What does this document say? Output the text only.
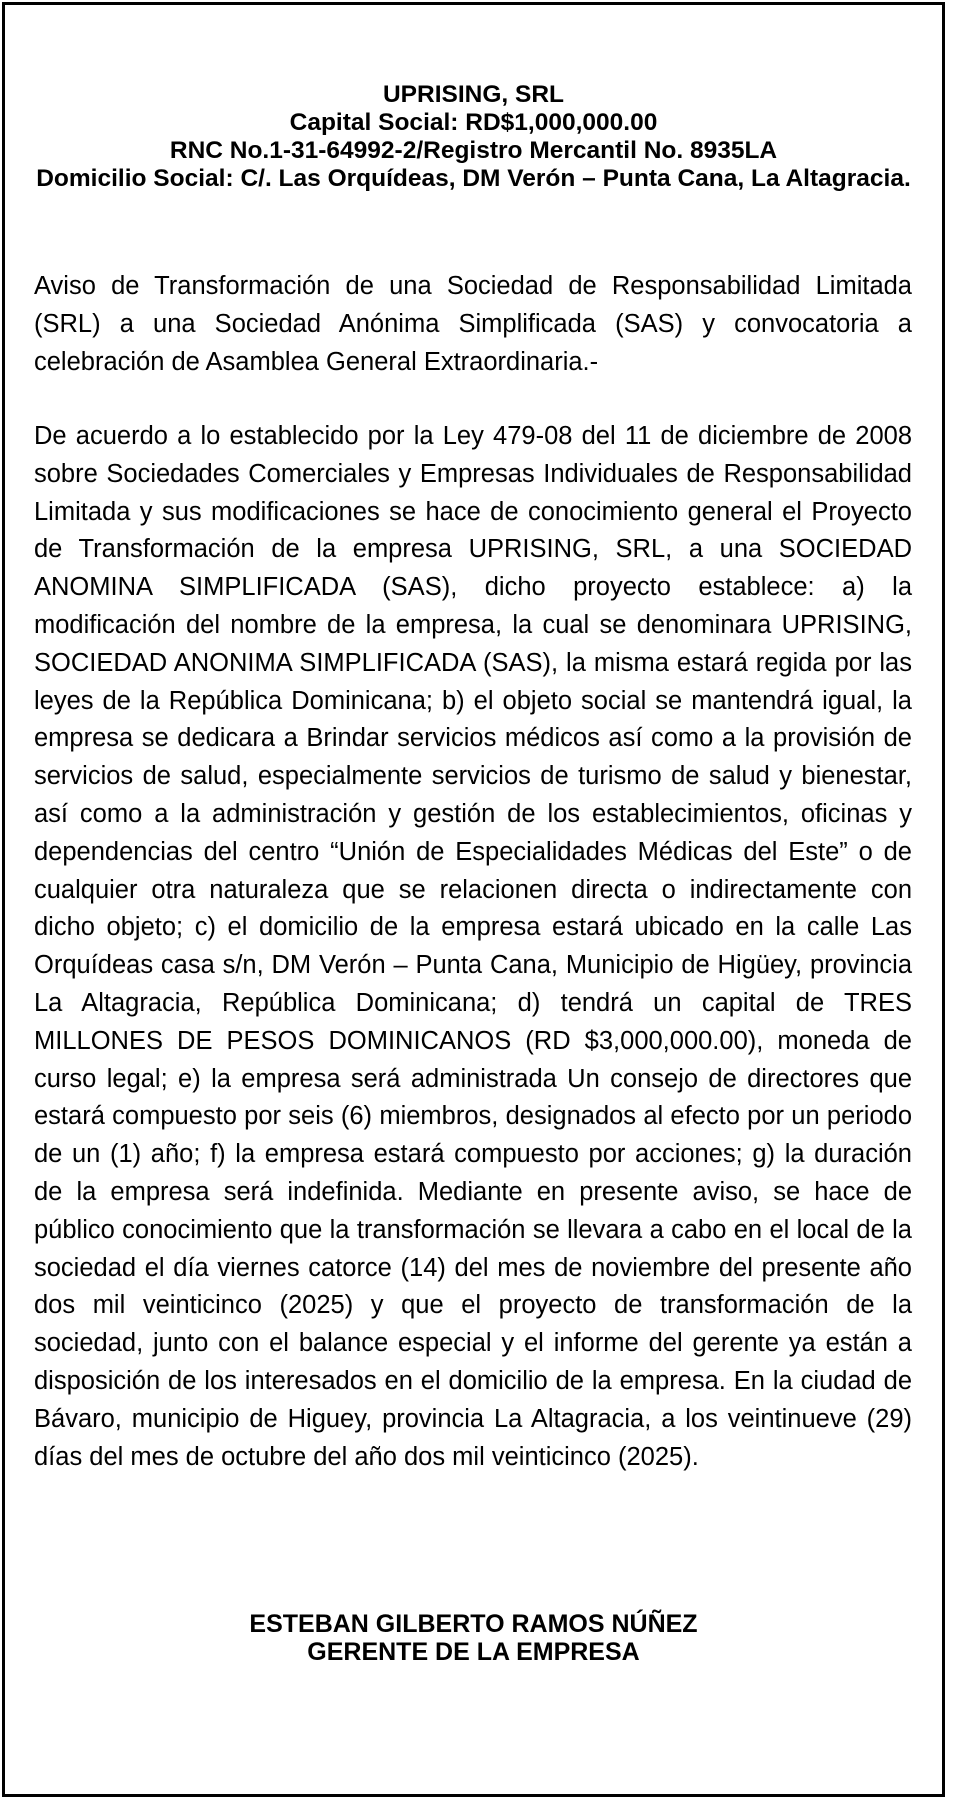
UPRISING, SRL
Capital Social: RD$1,000,000.00
RNC No.1-31-64992-2/Registro Mercantil No. 8935LA
Domicilio Social: C/. Las Orquídeas, DM Verón – Punta Cana, La Altagracia.

Aviso de Transformación de una Sociedad de Responsabilidad Limitada (SRL) a una Sociedad Anónima Simplificada (SAS) y convocatoria a celebración de Asamblea General Extraordinaria.-

De acuerdo a lo establecido por la Ley 479-08 del 11 de diciembre de 2008 sobre Sociedades Comerciales y Empresas Individuales de Responsabilidad Limitada y sus modificaciones se hace de conocimiento general el Proyecto de Transformación de la empresa UPRISING, SRL, a una SOCIEDAD ANOMINA SIMPLIFICADA (SAS), dicho proyecto establece: a) la modificación del nombre de la empresa, la cual se denominara UPRISING, SOCIEDAD ANONIMA SIMPLIFICADA (SAS), la misma estará regida por las leyes de la República Dominicana; b) el objeto social se mantendrá igual, la empresa se dedicara a Brindar servicios médicos así como a la provisión de servicios de salud, especialmente servicios de turismo de salud y bienestar, así como a la administración y gestión de los establecimientos, oficinas y dependencias del centro “Unión de Especialidades Médicas del Este” o de cualquier otra naturaleza que se relacionen directa o indirectamente con dicho objeto; c) el domicilio de la empresa estará ubicado en la calle Las Orquídeas casa s/n, DM Verón – Punta Cana, Municipio de Higüey, provincia La Altagracia, República Dominicana; d) tendrá un capital de TRES MILLONES DE PESOS DOMINICANOS (RD $3,000,000.00), moneda de curso legal; e) la empresa será administrada Un consejo de directores que estará compuesto por seis (6) miembros, designados al efecto por un periodo de un (1) año; f) la empresa estará compuesto por acciones; g) la duración de la empresa será indefinida. Mediante en presente aviso, se hace de público conocimiento que la transformación se llevara a cabo en el local de la sociedad el día viernes catorce (14) del mes de noviembre del presente año dos mil veinticinco (2025) y que el proyecto de transformación de la sociedad, junto con el balance especial y el informe del gerente ya están a disposición de los interesados en el domicilio de la empresa. En la ciudad de Bávaro, municipio de Higuey, provincia La Altagracia, a los veintinueve (29) días del mes de octubre del año dos mil veinticinco (2025).

ESTEBAN GILBERTO RAMOS NÚÑEZ
GERENTE DE LA EMPRESA
